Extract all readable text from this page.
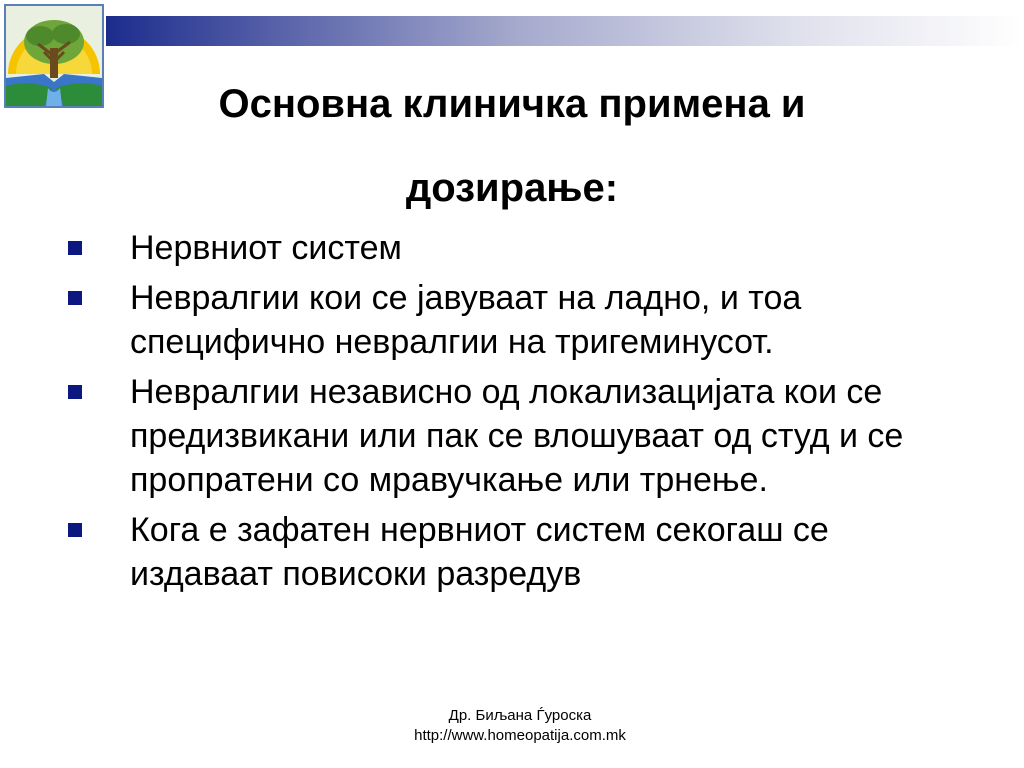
Основна клиничка примена и дозирање:
Нервниот систем
Невралгии кои се јавуваат на ладно, и тоа специфично невралгии на тригеминусот.
Невралгии независно од локализацијата кои се предизвикани или пак се влошуваат од студ и се пропратени со мравучкање или трнење.
Кога е зафатен нервниот систем секогаш се издаваат повисоки разредув
Др. Биљана Ѓуроска
http://www.homeopatija.com.mk
